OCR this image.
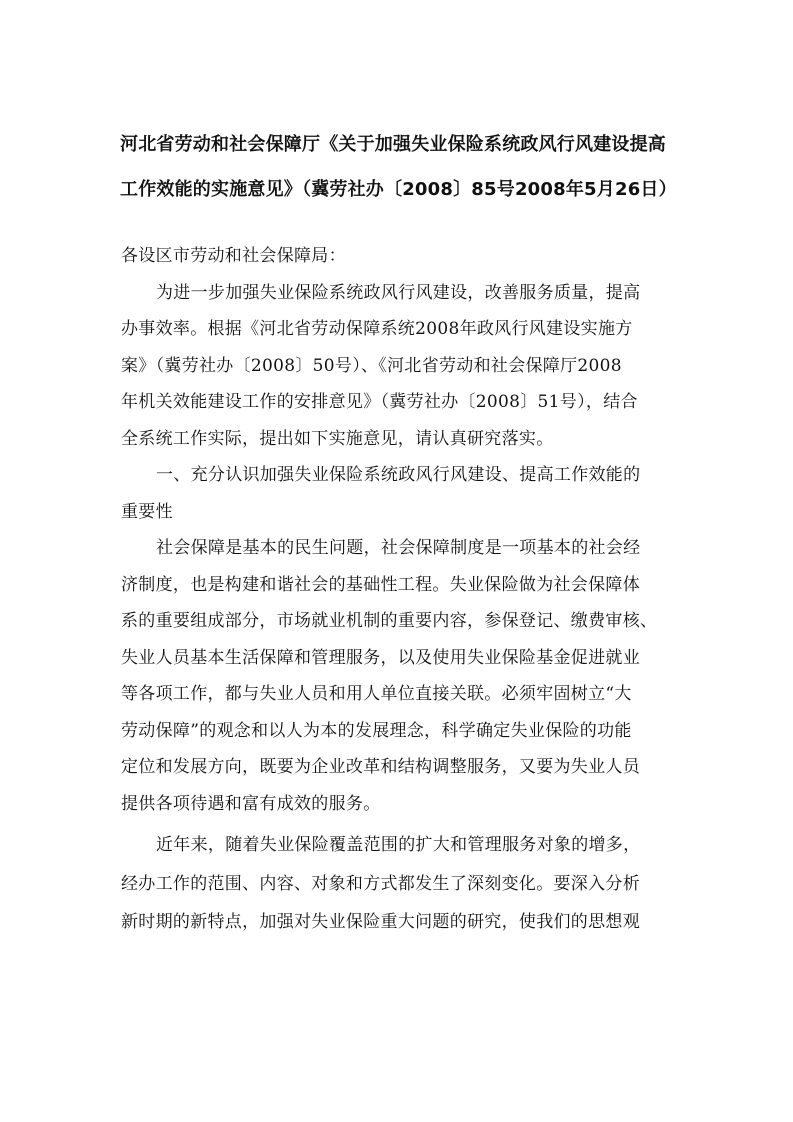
河北省劳动和社会保障厅《关于加强失业保险系统政风行风建设提高
工作效能的实施意见》（冀劳社办〔2008〕85号2008年5月26日）
各设区市劳动和社会保障局：
为进一步加强失业保险系统政风行风建设，改善服务质量，提高
办事效率。根据《河北省劳动保障系统2008年政风行风建设实施方
案》（冀劳社办〔2008〕50号）、《河北省劳动和社会保障厅2008
年机关效能建设工作的安排意见》（冀劳社办〔2008〕51号），结合
全系统工作实际，提出如下实施意见，请认真研究落实。
一、充分认识加强失业保险系统政风行风建设、提高工作效能的
重要性
社会保障是基本的民生问题，社会保障制度是一项基本的社会经
济制度，也是构建和谐社会的基础性工程。失业保险做为社会保障体
系的重要组成部分，市场就业机制的重要内容，参保登记、缴费审核、
失业人员基本生活保障和管理服务，以及使用失业保险基金促进就业
等各项工作，都与失业人员和用人单位直接关联。必须牢固树立“大
劳动保障”的观念和以人为本的发展理念，科学确定失业保险的功能
定位和发展方向，既要为企业改革和结构调整服务，又要为失业人员
提供各项待遇和富有成效的服务。
近年来，随着失业保险覆盖范围的扩大和管理服务对象的增多，
经办工作的范围、内容、对象和方式都发生了深刻变化。要深入分析
新时期的新特点，加强对失业保险重大问题的研究，使我们的思想观
